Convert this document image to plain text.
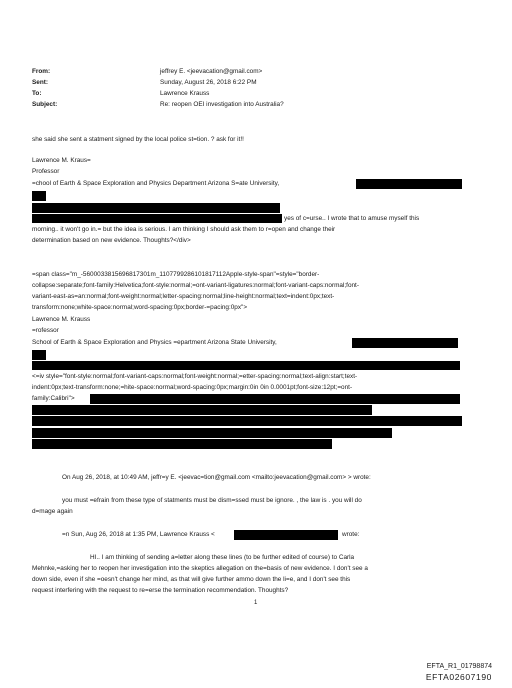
From:	jeffrey E. <jeevacation@gmail.com>
Sent:	Sunday, August 26, 2018 6:22 PM
To:	Lawrence Krauss
Subject:	Re: reopen OEI investigation into Australia?
she said she sent a statment signed by the local police st=tion. ? ask for it!!
Lawrence M. Kraus=
Professor
=chool of Earth & Space Exploration and Physics Department Arizona S=ate University,
yes of c=urse.. I wrote that to amuse myself this
morning.. it won't go in.= but the idea is serious. I am thinking I should ask them to r=open and change their
determination based on new evidence. Thoughts?</div>
=span class="m_-5600033815696817301m_1107799286101817112Apple-style-span"=style="border-
collapse:separate;font-family:Helvetica;font-style:normal;=ont-variant-ligatures:normal;font-variant-caps:normal;font-
variant-east-as=an:normal;font-weight:normal;letter-spacing:normal;line-height:normal;text=indent:0px;text-
transform:none;white-space:normal;word-spacing:0px;border-=pacing:0px">
Lawrence M. Krauss
=rofessor
School of Earth & Space Exploration and Physics =epartment Arizona State University,
<=iv style="font-style:normal;font-variant-caps:normal;font-weight:normal;=etter-spacing:normal;text-align:start;text-
indent:0px;text-transform:none;=hite-space:normal;word-spacing:0px;margin:0in 0in 0.0001pt;font-size:12pt;=ont-
family:Calibri">
On Aug 26, 2018, at 10:49 AM, jeffr=y E. <jeevac=tion@gmail.com <mailto:jeevacation@gmail.com> > wrote:
you must =efrain from these type of statments must be dism=ssed must be ignore. , the law is . you will do
d=mage again
=n Sun, Aug 26, 2018 at 1:35 PM, Lawrence Krauss <	wrote:
HI.. I am thinking of sending a=letter along these lines (to be further edited of course) to Carla
Mehnke,=asking her to reopen her investigation into the skeptics allegation on the=basis of new evidence. I don't see a
down side, even if she =oesn't change her mind, as that will give further ammo down the li=e, and I don't see this
request interfering with the request to re=erse the termination recommendation. Thoughts?
1
EFTA_R1_01798874
EFTA02607190
